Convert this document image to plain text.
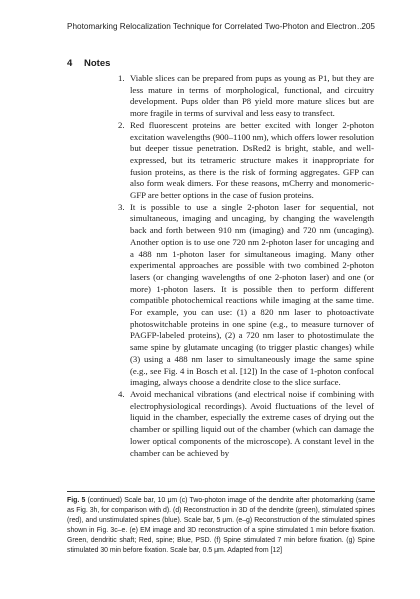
Photomarking Relocalization Technique for Correlated Two-Photon and Electron…
205
4 Notes
1. Viable slices can be prepared from pups as young as P1, but they are less mature in terms of morphological, functional, and circuitry development. Pups older than P8 yield more mature slices but are more fragile in terms of survival and less easy to transfect.
2. Red fluorescent proteins are better excited with longer 2-photon excitation wavelengths (900–1100 nm), which offers lower resolution but deeper tissue penetration. DsRed2 is bright, stable, and well-expressed, but its tetrameric structure makes it inappropriate for fusion proteins, as there is the risk of forming aggregates. GFP can also form weak dimers. For these reasons, mCherry and monomeric-GFP are better options in the case of fusion proteins.
3. It is possible to use a single 2-photon laser for sequential, not simultaneous, imaging and uncaging, by changing the wavelength back and forth between 910 nm (imaging) and 720 nm (uncaging). Another option is to use one 720 nm 2-photon laser for uncaging and a 488 nm 1-photon laser for simultaneous imaging. Many other experimental approaches are possible with two combined 2-photon lasers (or changing wavelengths of one 2-photon laser) and one (or more) 1-photon lasers. It is possible then to perform different compatible photochemical reactions while imaging at the same time. For example, you can use: (1) a 820 nm laser to photoactivate photoswitchable proteins in one spine (e.g., to measure turnover of PAGFP-labeled proteins), (2) a 720 nm laser to photostimulate the same spine by glutamate uncaging (to trigger plastic changes) while (3) using a 488 nm laser to simultaneously image the same spine (e.g., see Fig. 4 in Bosch et al. [12]) In the case of 1-photon confocal imaging, always choose a dendrite close to the slice surface.
4. Avoid mechanical vibrations (and electrical noise if combining with electrophysiological recordings). Avoid fluctuations of the level of liquid in the chamber, especially the extreme cases of drying out the chamber or spilling liquid out of the chamber (which can damage the lower optical components of the microscope). A constant level in the chamber can be achieved by

Fig. 5 (continued) Scale bar, 10 μm (c) Two-photon image of the dendrite after photomarking (same as Fig. 3h, for comparison with d). (d) Reconstruction in 3D of the dendrite (green), stimulated spines (red), and unstimulated spines (blue). Scale bar, 5 μm. (e–g) Reconstruction of the stimulated spines shown in Fig. 3c–e. (e) EM image and 3D reconstruction of a spine stimulated 1 min before fixation. Green, dendritic shaft; Red, spine; Blue, PSD. (f) Spine stimulated 7 min before fixation. (g) Spine stimulated 30 min before fixation. Scale bar, 0.5 μm. Adapted from [12]
